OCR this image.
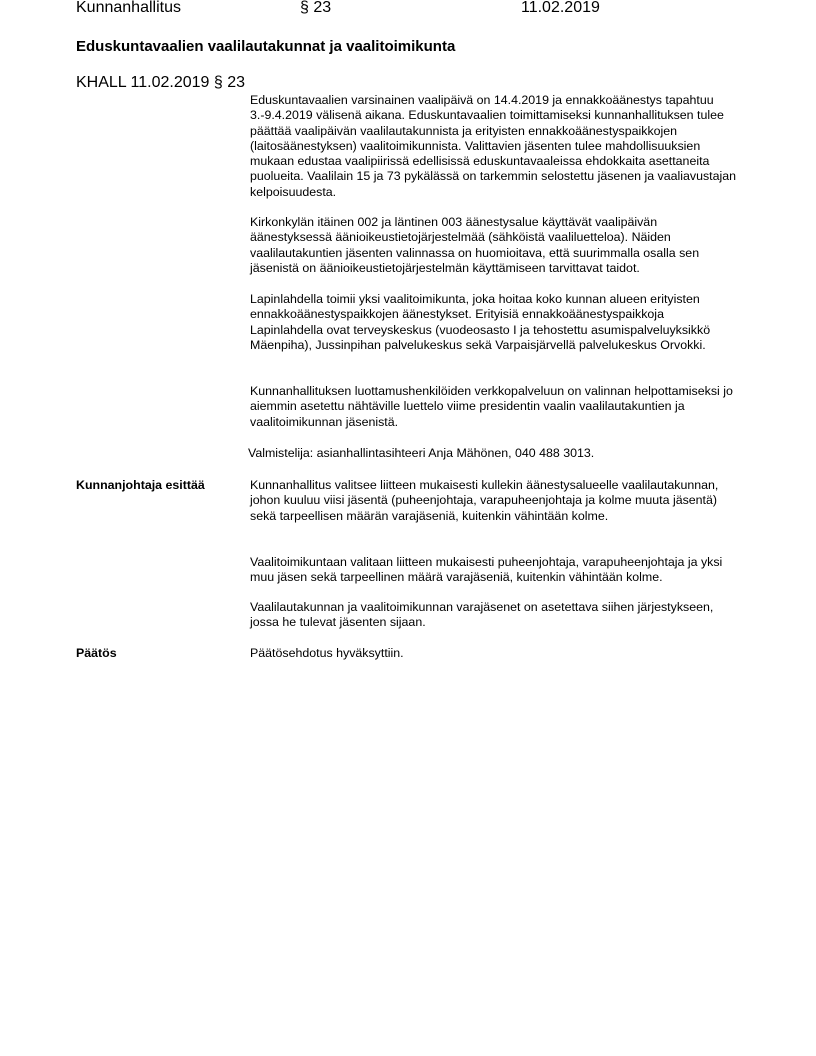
Kunnanhallitus	§ 23	11.02.2019
Eduskuntavaalien vaalilautakunnat ja vaalitoimikunta
KHALL 11.02.2019 § 23

Eduskuntavaalien varsinainen vaalipäivä on 14.4.2019 ja ennakkoäänestys tapahtuu 3.-9.4.2019 välisenä aikana. Eduskuntavaalien toimittamiseksi kunnanhallituksen tulee päättää vaalipäivän vaalilautakunnista ja erityisten ennakkoäänestyspaikkojen (laitosäänestyksen) vaalitoimikunnista. Valittavien jäsenten tulee mahdollisuuksien mukaan edustaa vaalipiirissä edellisissä eduskuntavaaleissa ehdokkaita asettaneita puolueita. Vaalilain 15 ja 73 pykälässä on tarkemmin selostettu jäsenen ja vaaliavustajan kelpoisuudesta.

Kirkonkylän itäinen 002 ja läntinen 003 äänestysalue käyttävät vaalipäivän äänestyksessä äänioikeustietojärjestelmää (sähköistä vaaliluetteloa). Näiden vaalilautakuntien jäsenten valinnassa on huomioitava, että suurimmalla osalla sen jäsenistä on äänioikeustietojärjestelmän käyttämiseen tarvittavat taidot.

Lapinlahdella toimii yksi vaalitoimikunta, joka hoitaa koko kunnan alueen erityisten ennakkoäänestyspaikkojen äänestykset. Erityisiä ennakkoäänestyspaikkoja Lapinlahdella ovat terveyskeskus (vuodeosasto I ja tehostettu asumispalveluyksikkö Mäenpiha), Jussinpihan palvelukeskus sekä Varpaisjärvellä palvelukeskus Orvokki.

Kunnanhallituksen luottamushenkilöiden verkkopalveluun on valinnan helpottamiseksi jo aiemmin asetettu nähtäville luettelo viime presidentin vaalin vaalilautakuntien ja vaalitoimikunnan jäsenistä.

Valmistelija: asianhallintasihteeri Anja Mähönen, 040 488 3013.

Kunnanjohtaja esittää	Kunnanhallitus valitsee liitteen mukaisesti kullekin äänestysalueelle vaalilautakunnan, johon kuuluu viisi jäsentä (puheenjohtaja, varapuheenjohtaja ja kolme muuta jäsentä) sekä tarpeellisen määrän varajäseniä, kuitenkin vähintään kolme.

Vaalitoimikuntaan valitaan liitteen mukaisesti puheenjohtaja, varapuheenjohtaja ja yksi muu jäsen sekä tarpeellinen määrä varajäseniä, kuitenkin vähintään kolme.

Vaalilautakunnan ja vaalitoimikunnan varajäsenet on asetettava siihen järjestykseen, jossa he tulevat jäsenten sijaan.

Päätös	Päätösehdotus hyväksyttiin.
